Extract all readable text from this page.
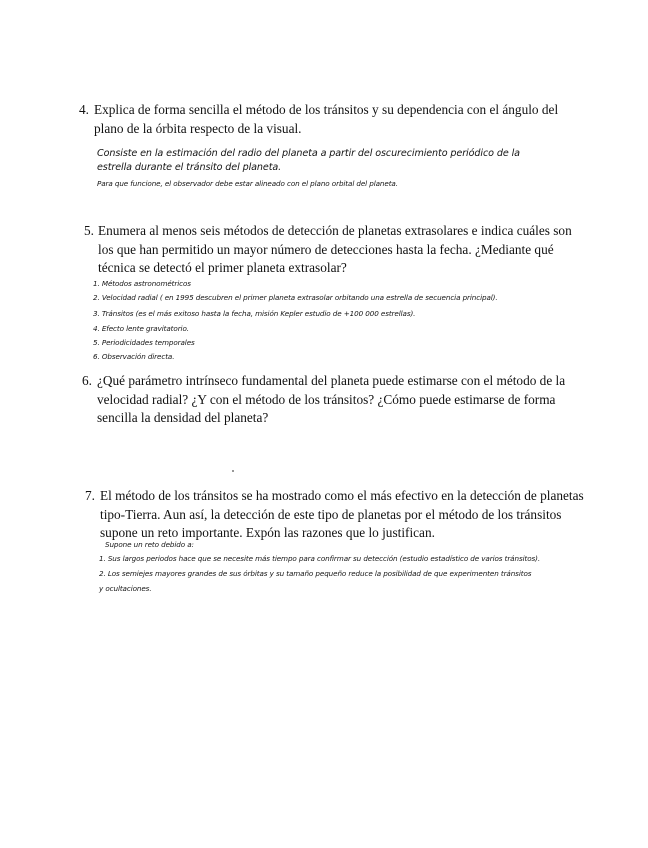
4. Explica de forma sencilla el método de los tránsitos y su dependencia con el ángulo del plano de la órbita respecto de la visual.
Consiste en la estimación del radio del planeta a partir del oscurecimiento periódico de la
estrella durante el tránsito del planeta.
Para que funcione, el observador debe estar alineado con el plano orbital del planeta.
5. Enumera al menos seis métodos de detección de planetas extrasolares e indica cuáles son los que han permitido un mayor número de detecciones hasta la fecha. ¿Mediante qué técnica se detectó el primer planeta extrasolar?
1. Métodos astronométricos
2. Velocidad radial ( en 1995 descubren el primer planeta extrasolar orbitando una estrella de secuencia principal).
3. Tránsitos (es el más exitoso hasta la fecha, misión Kepler estudio de +100 000 estrellas).
4. Efecto lente gravitatorio.
5. Periodicidades temporales
6. Observación directa.
6. ¿Qué parámetro intrínseco fundamental del planeta puede estimarse con el método de la velocidad radial? ¿Y con el método de los tránsitos? ¿Cómo puede estimarse de forma sencilla la densidad del planeta?
7. El método de los tránsitos se ha mostrado como el más efectivo en la detección de planetas tipo-Tierra. Aun así, la detección de este tipo de planetas por el método de los tránsitos supone un reto importante. Expón las razones que lo justifican.
Supone un reto debido a:
1. Sus largos periodos hace que se necesite más tiempo para confirmar su detección (estudio estadístico de varios tránsitos).
2. Los semiejes mayores grandes de sus órbitas y su tamaño pequeño reduce la posibilidad de que experimenten tránsitos
y ocultaciones.
